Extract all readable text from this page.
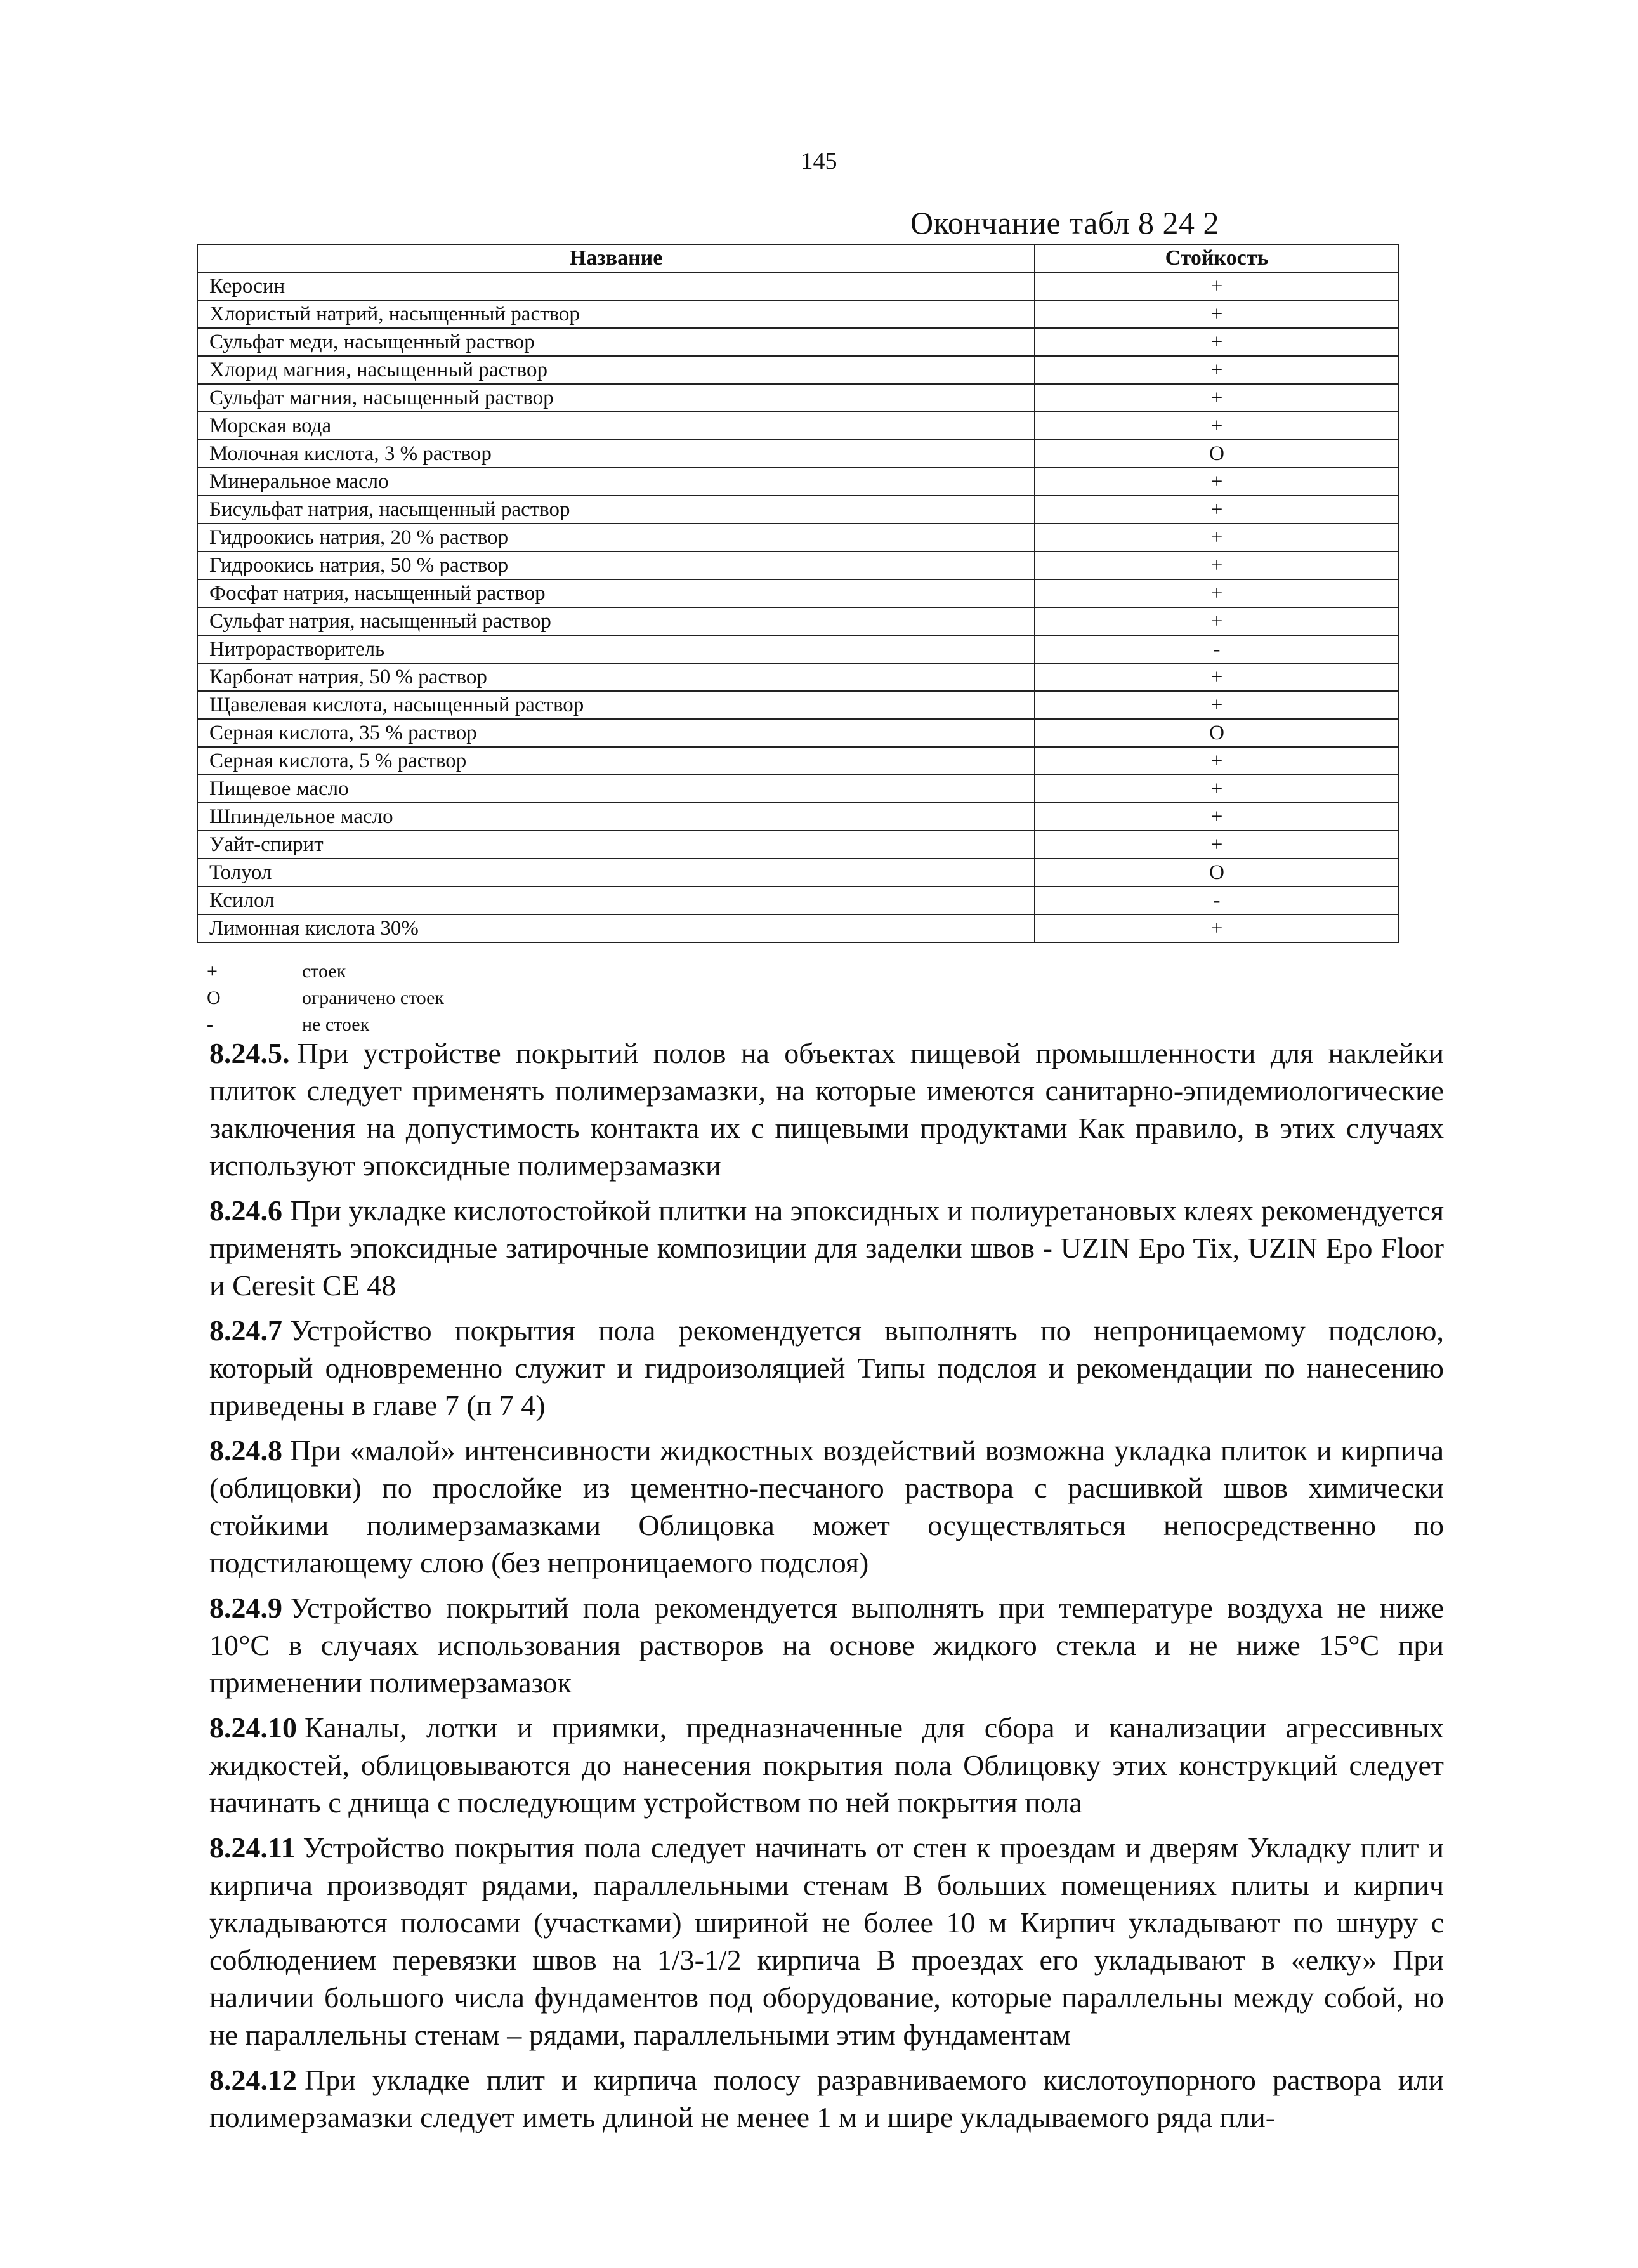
145
Окончание табл 8 24 2
Название	Стойкость
Керосин	+
Хлористый натрий, насыщенный раствор	+
Сульфат меди, насыщенный раствор	+
Хлорид магния, насыщенный раствор	+
Сульфат магния, насыщенный раствор	+
Морская вода	+
Молочная кислота, 3 % раствор	О
Минеральное масло	+
Бисульфат натрия, насыщенный раствор	+
Гидроокись натрия, 20 % раствор	+
Гидроокись натрия, 50 % раствор	+
Фосфат натрия, насыщенный раствор	+
Сульфат натрия, насыщенный раствор	+
Нитрорастворитель	-
Карбонат натрия, 50 % раствор	+
Щавелевая кислота, насыщенный раствор	+
Серная кислота, 35 % раствор	О
Серная кислота, 5 % раствор	+
Пищевое масло	+
Шпиндельное масло	+
Уайт-спирит	+
Толуол	О
Ксилол	-
Лимонная кислота 30%	+
+	стоек
О	ограничено стоек
-	не стоек

8.24.5. При устройстве покрытий полов на объектах пищевой промышленности для наклейки плиток следует применять полимерзамазки, на которые имеются санитарно-эпидемиологические заключения на допустимость контакта их с пищевыми продуктами Как правило, в этих случаях используют эпоксидные полимерзамазки

8.24.6 При укладке кислотостойкой плитки на эпоксидных и полиуретановых клеях рекомендуется применять эпоксидные затирочные композиции для заделки швов - UZIN Epo Tix, UZIN Epo Floor и Ceresit CE 48

8.24.7 Устройство покрытия пола рекомендуется выполнять по непроницаемому подслою, который одновременно служит и гидроизоляцией Типы подслоя и рекомендации по нанесению приведены в главе 7 (п 7 4)

8.24.8 При «малой» интенсивности жидкостных воздействий возможна укладка плиток и кирпича (облицовки) по прослойке из цементно-песчаного раствора с расшивкой швов химически стойкими полимерзамазками Облицовка может осуществляться непосредственно по подстилающему слою (без непроницаемого подслоя)

8.24.9 Устройство покрытий пола рекомендуется выполнять при температуре воздуха не ниже 10°С в случаях использования растворов на основе жидкого стекла и не ниже 15°С при применении полимерзамазок

8.24.10 Каналы, лотки и приямки, предназначенные для сбора и канализации агрессивных жидкостей, облицовываются до нанесения покрытия пола Облицовку этих конструкций следует начинать с днища с последующим устройством по ней покрытия пола

8.24.11 Устройство покрытия пола следует начинать от стен к проездам и дверям Укладку плит и кирпича производят рядами, параллельными стенам В больших помещениях плиты и кирпич укладываются полосами (участками) шириной не более 10 м Кирпич укладывают по шнуру с соблюдением перевязки швов на 1/3-1/2 кирпича В проездах его укладывают в «елку» При наличии большого числа фундаментов под оборудование, которые параллельны между собой, но не параллельны стенам – рядами, параллельными этим фундаментам

8.24.12 При укладке плит и кирпича полосу разравниваемого кислотоупорного раствора или полимерзамазки следует иметь длиной не менее 1 м и шире укладываемого ряда пли-
